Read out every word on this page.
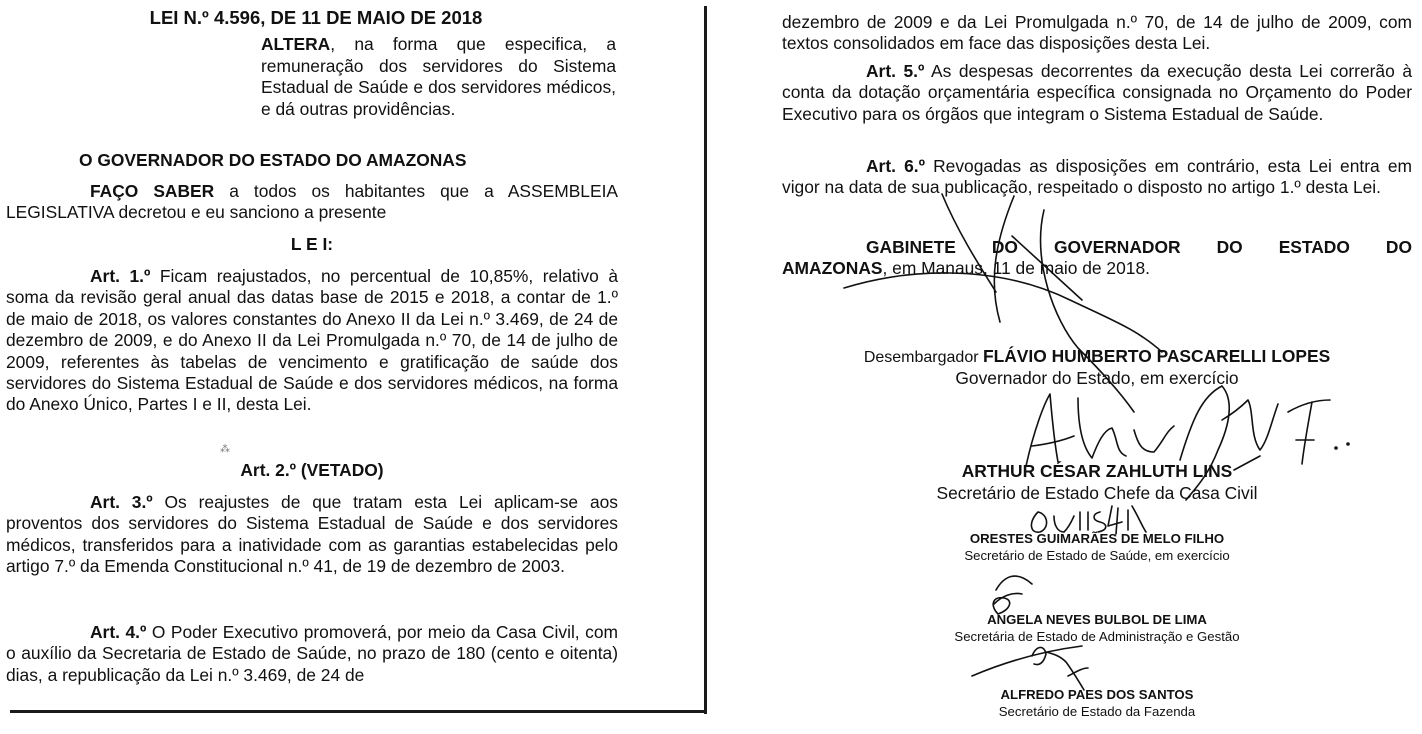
LEI N.º 4.596, DE 11 DE MAIO DE 2018
ALTERA, na forma que especifica, a remuneração dos servidores do Sistema Estadual de Saúde e dos servidores médicos, e dá outras providências.
O GOVERNADOR DO ESTADO DO AMAZONAS

FAÇO SABER a todos os habitantes que a ASSEMBLEIA LEGISLATIVA decretou e eu sanciono a presente

L E I:

Art. 1.º Ficam reajustados, no percentual de 10,85%, relativo à soma da revisão geral anual das datas base de 2015 e 2018, a contar de 1.º de maio de 2018, os valores constantes do Anexo II da Lei n.º 3.469, de 24 de dezembro de 2009, e do Anexo II da Lei Promulgada n.º 70, de 14 de julho de 2009, referentes às tabelas de vencimento e gratificação de saúde dos servidores do Sistema Estadual de Saúde e dos servidores médicos, na forma do Anexo Único, Partes I e II, desta Lei.

⁂
Art. 2.º (VETADO)

Art. 3.º Os reajustes de que tratam esta Lei aplicam-se aos proventos dos servidores do Sistema Estadual de Saúde e dos servidores médicos, transferidos para a inatividade com as garantias estabelecidas pelo artigo 7.º da Emenda Constitucional n.º 41, de 19 de dezembro de 2003.

Art. 4.º O Poder Executivo promoverá, por meio da Casa Civil, com o auxílio da Secretaria de Estado de Saúde, no prazo de 180 (cento e oitenta) dias, a republicação da Lei n.º 3.469, de 24 de

dezembro de 2009 e da Lei Promulgada n.º 70, de 14 de julho de 2009, com textos consolidados em face das disposições desta Lei.

Art. 5.º As despesas decorrentes da execução desta Lei correrão à conta da dotação orçamentária específica consignada no Orçamento do Poder Executivo para os órgãos que integram o Sistema Estadual de Saúde.

Art. 6.º Revogadas as disposições em contrário, esta Lei entra em vigor na data de sua publicação, respeitado o disposto no artigo 1.º desta Lei.

GABINETE DO GOVERNADOR DO ESTADO DO

AMAZONAS, em Manaus, 11 de maio de 2018.

Desembargador FLÁVIO HUMBERTO PASCARELLI LOPES
Governador do Estado, em exercício
ARTHUR CÉSAR ZAHLUTH LINS
Secretário de Estado Chefe da Casa Civil
ORESTES GUIMARÃES DE MELO FILHO
Secretário de Estado de Saúde, em exercício
ANGELA NEVES BULBOL DE LIMA
Secretária de Estado de Administração e Gestão
ALFREDO PAES DOS SANTOS
Secretário de Estado da Fazenda
